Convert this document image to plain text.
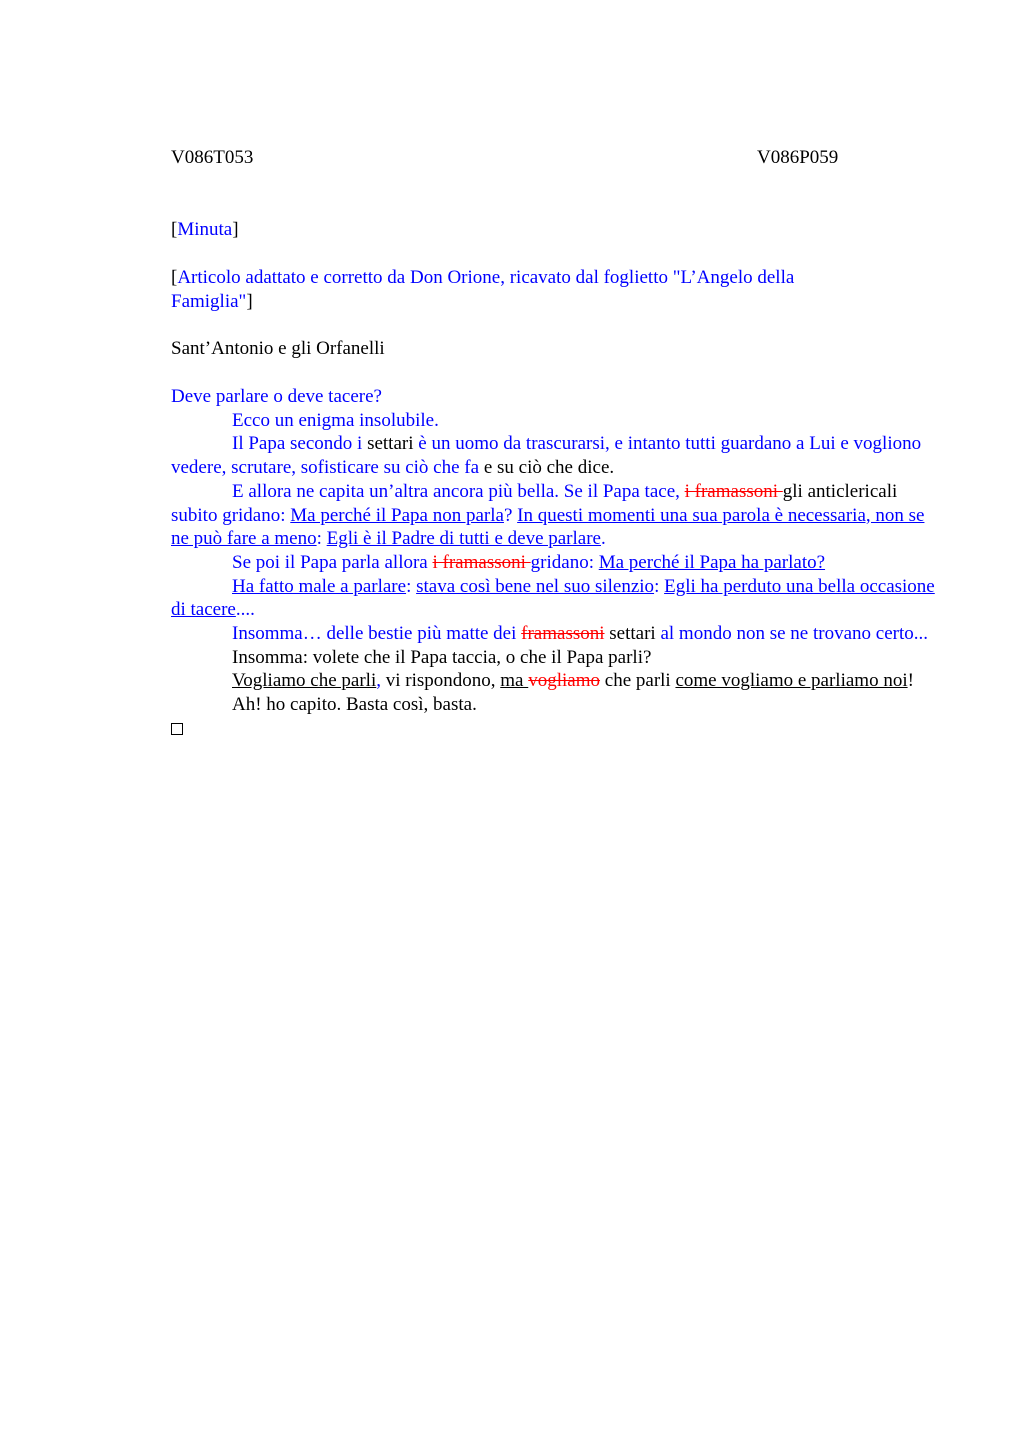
V086T053	V086P059
[Minuta]
[Articolo adattato e corretto da Don Orione, ricavato dal foglietto "L’Angelo della Famiglia"]
Sant’Antonio e gli Orfanelli
Deve parlare o deve tacere?
Ecco un enigma insolubile.
Il Papa secondo i settari è un uomo da trascurarsi, e intanto tutti guardano a Lui e vogliono vedere, scrutare, sofisticare su ciò che fa e su ciò che dice.
E allora ne capita un’altra ancora più bella. Se il Papa tace, i framassoni gli anticlericali subito gridano: Ma perché il Papa non parla? In questi momenti una sua parola è necessaria, non se ne può fare a meno: Egli è il Padre di tutti e deve parlare.
Se poi il Papa parla allora i framassoni gridano: Ma perché il Papa ha parlato?
Ha fatto male a parlare: stava così bene nel suo silenzio: Egli ha perduto una bella occasione di tacere....
Insomma… delle bestie più matte dei framassoni settari al mondo non se ne trovano certo...
Insomma: volete che il Papa taccia, o che il Papa parli?
Vogliamo che parli, vi rispondono, ma vogliamo che parli come vogliamo e parliamo noi!
Ah! ho capito. Basta così, basta.
